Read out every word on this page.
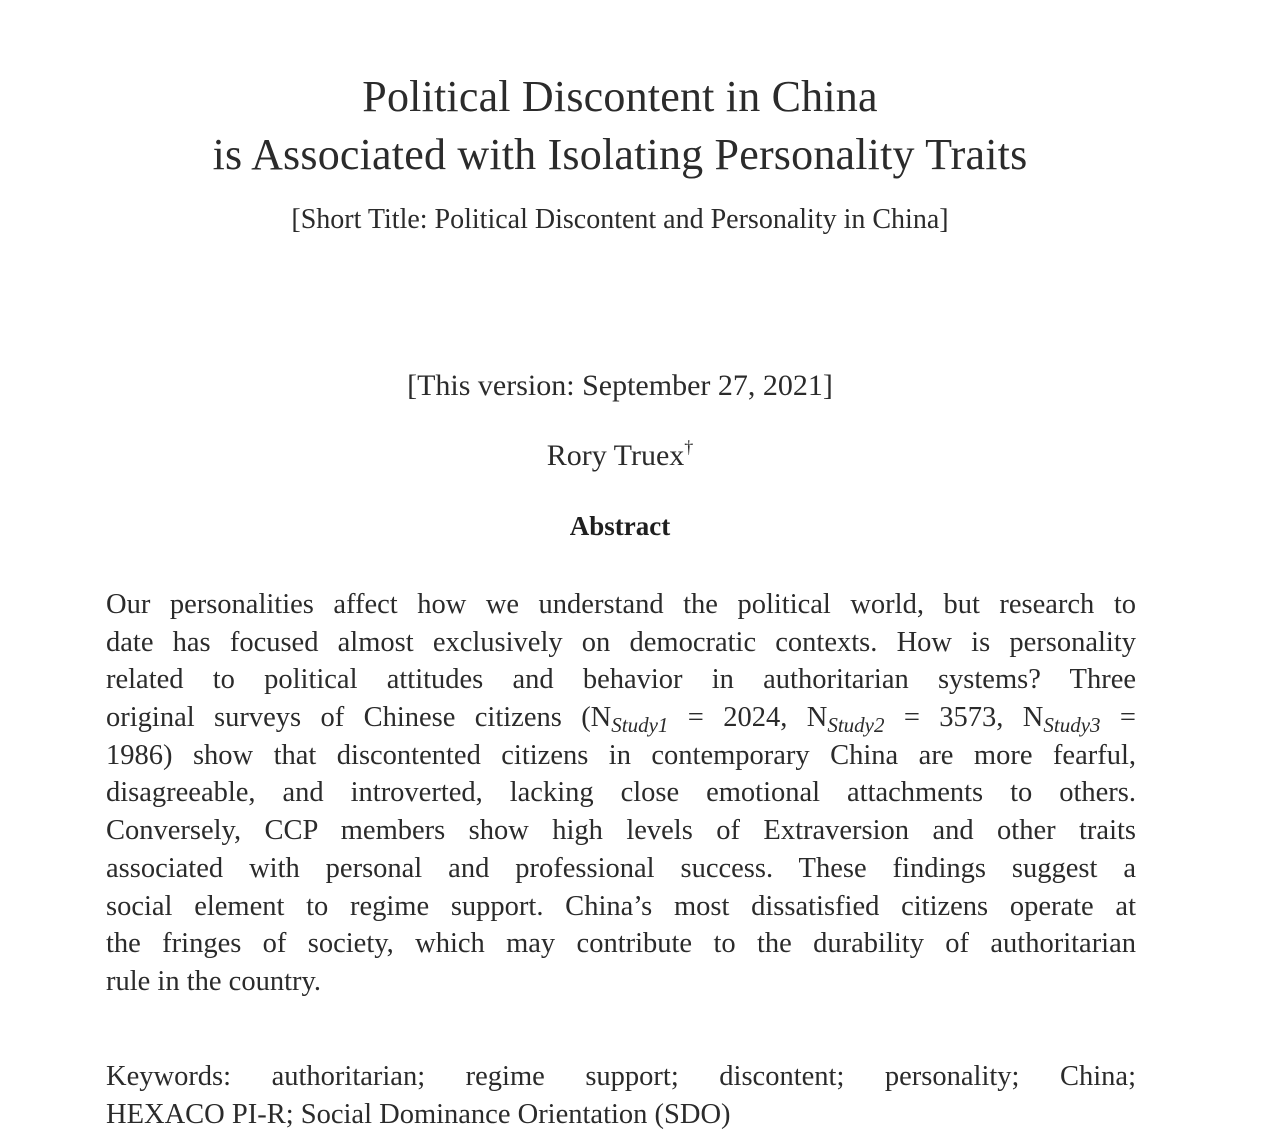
Political Discontent in China
is Associated with Isolating Personality Traits
[Short Title: Political Discontent and Personality in China]
[This version: September 27, 2021]
Rory Truex†
Abstract
Our personalities affect how we understand the political world, but research to
date has focused almost exclusively on democratic contexts. How is personality
related to political attitudes and behavior in authoritarian systems? Three
original surveys of Chinese citizens ($N_{Study1} = 2024$, $N_{Study2} = 3573$, $N_{Study3}$ =
1986) show that discontented citizens in contemporary China are more fearful,
disagreeable, and introverted, lacking close emotional attachments to others.
Conversely, CCP members show high levels of Extraversion and other traits
associated with personal and professional success. These findings suggest a
social element to regime support. China’s most dissatisfied citizens operate at
the fringes of society, which may contribute to the durability of authoritarian
rule in the country.
Keywords: authoritarian; regime support; discontent; personality; China;
HEXACO PI-R; Social Dominance Orientation (SDO)
